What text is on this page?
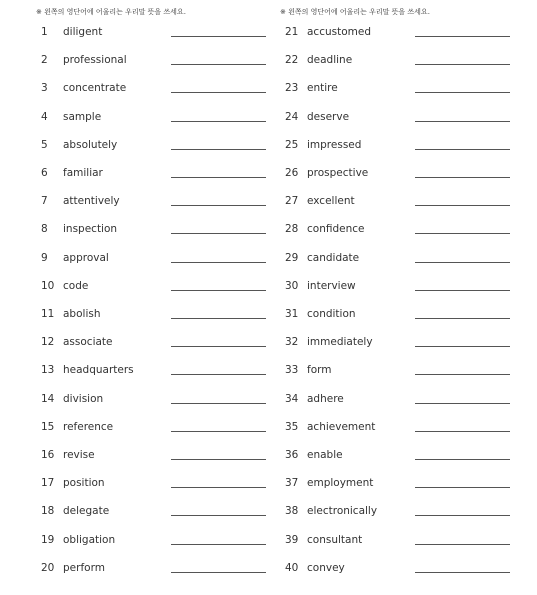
※ 왼쪽의 영단어에 어울리는 우리말 뜻을 쓰세요.
1 diligent
2 professional
3 concentrate
4 sample
5 absolutely
6 familiar
7 attentively
8 inspection
9 approval
10 code
11 abolish
12 associate
13 headquarters
14 division
15 reference
16 revise
17 position
18 delegate
19 obligation
20 perform
※ 왼쪽의 영단어에 어울리는 우리말 뜻을 쓰세요.
21 accustomed
22 deadline
23 entire
24 deserve
25 impressed
26 prospective
27 excellent
28 confidence
29 candidate
30 interview
31 condition
32 immediately
33 form
34 adhere
35 achievement
36 enable
37 employment
38 electronically
39 consultant
40 convey
